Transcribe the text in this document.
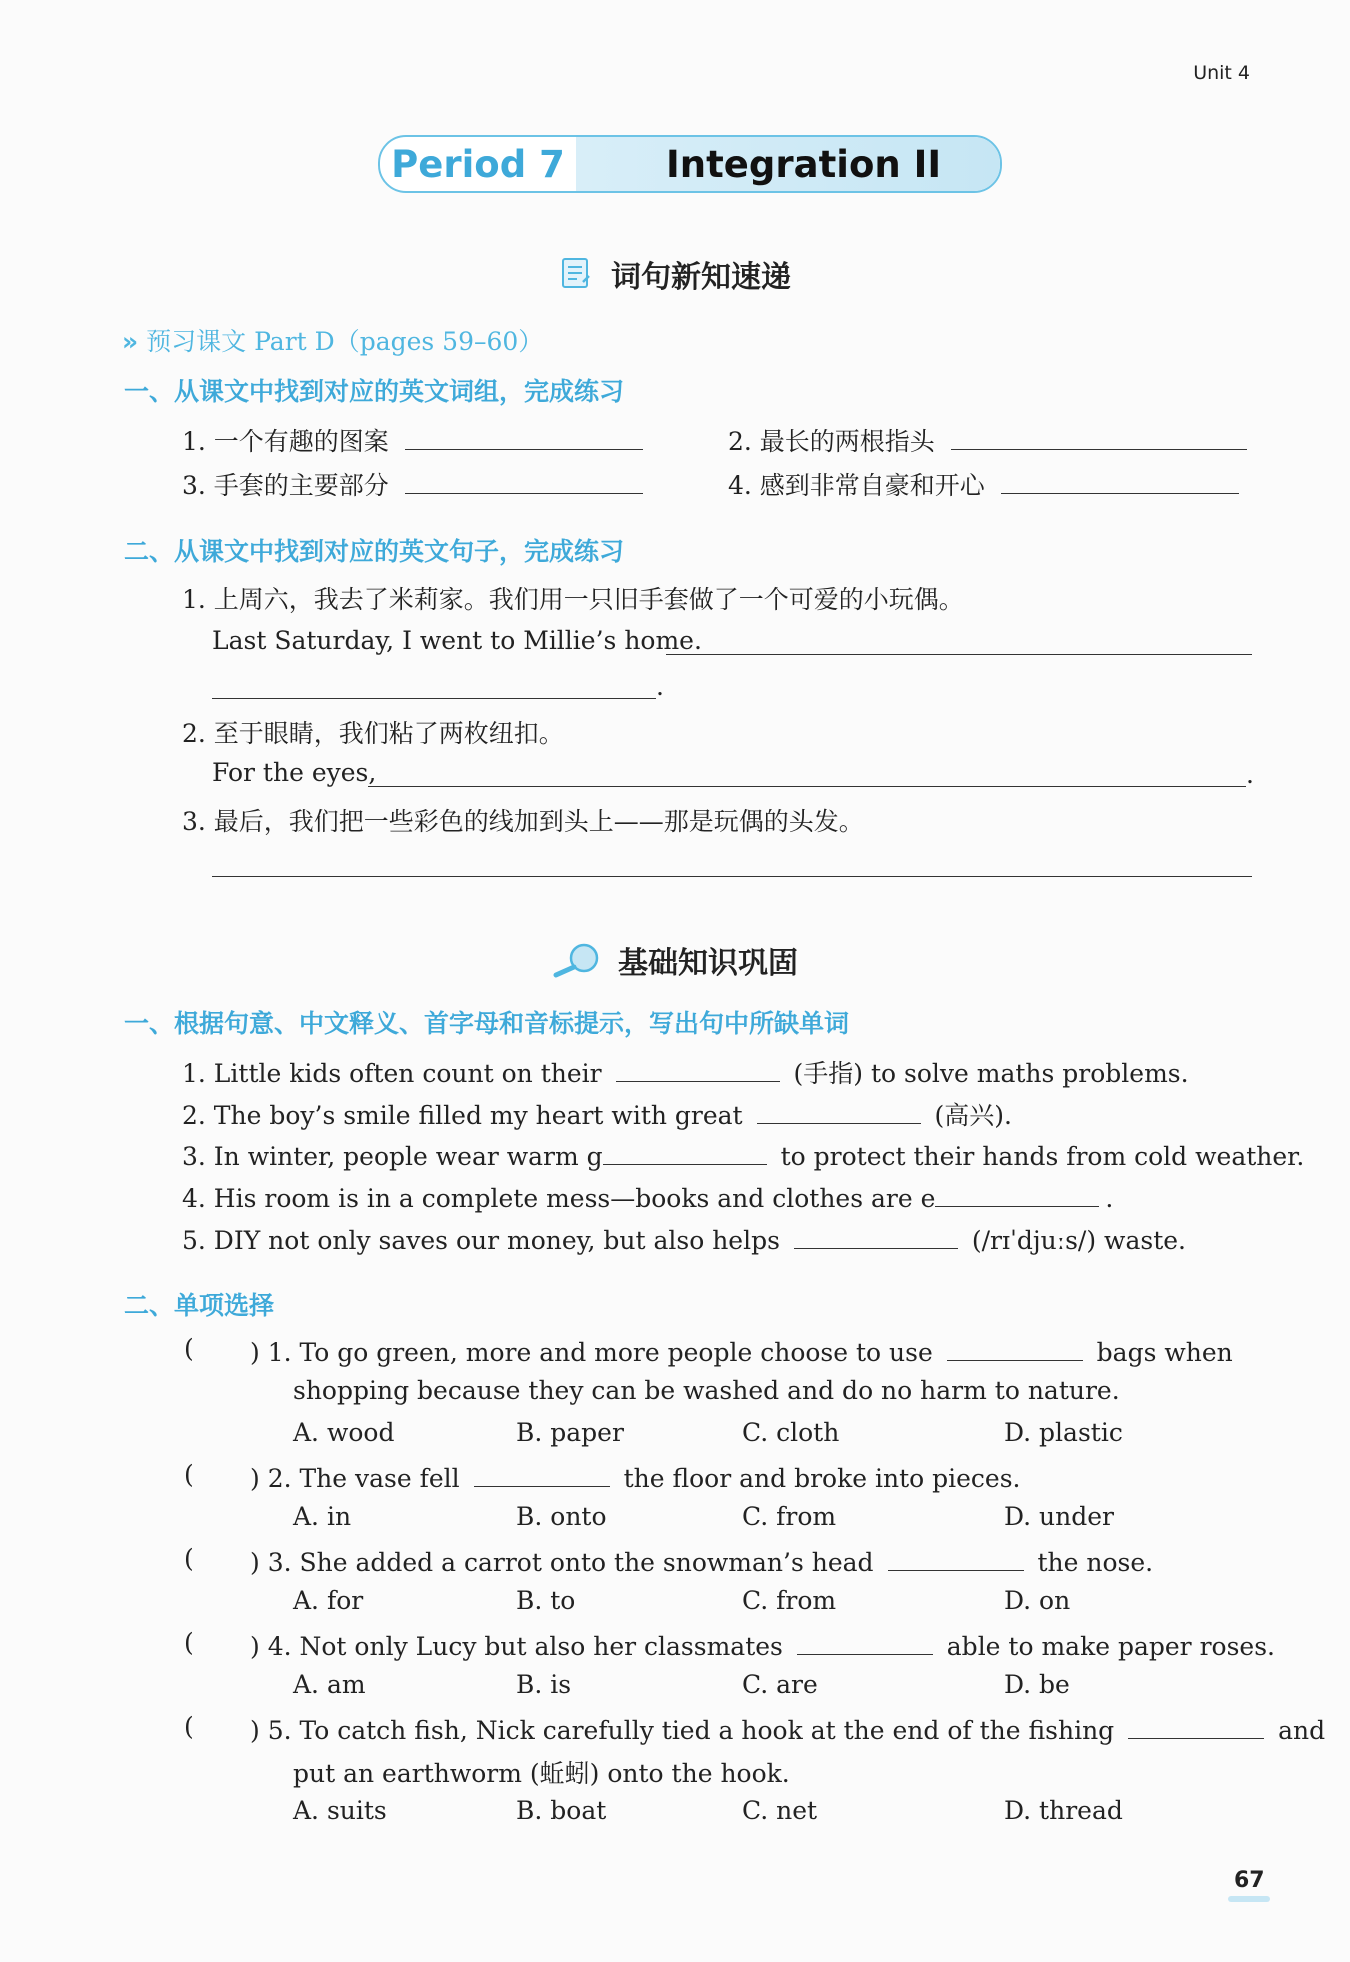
Unit 4
Period 7	Integration II
词句新知速递
» 预习课文 Part D（pages 59–60）
一、从课文中找到对应的英文词组，完成练习
1. 一个有趣的图案	2. 最长的两根指头
3. 手套的主要部分	4. 感到非常自豪和开心
二、从课文中找到对应的英文句子，完成练习
1. 上周六，我去了米莉家。我们用一只旧手套做了一个可爱的小玩偶。
Last Saturday, I went to Millie’s home.
.
2. 至于眼睛，我们粘了两枚纽扣。
For the eyes,	.
3. 最后，我们把一些彩色的线加到头上——那是玩偶的头发。
基础知识巩固
一、根据句意、中文释义、首字母和音标提示，写出句中所缺单词
1. Little kids often count on their	(手指) to solve maths problems.
2. The boy’s smile filled my heart with great	(高兴).
3. In winter, people wear warm g	to protect their hands from cold weather.
4. His room is in a complete mess—books and clothes are e	.
5. DIY not only saves our money, but also helps	(/rɪˈdjuːs/) waste.
二、单项选择
( ) 1. To go green, more and more people choose to use	bags when
shopping because they can be washed and do no harm to nature.
A. wood	B. paper	C. cloth	D. plastic
( ) 2. The vase fell	the floor and broke into pieces.
A. in	B. onto	C. from	D. under
( ) 3. She added a carrot onto the snowman’s head	the nose.
A. for	B. to	C. from	D. on
( ) 4. Not only Lucy but also her classmates	able to make paper roses.
A. am	B. is	C. are	D. be
( ) 5. To catch fish, Nick carefully tied a hook at the end of the fishing	and
put an earthworm (蚯蚓) onto the hook.
A. suits	B. boat	C. net	D. thread
67
